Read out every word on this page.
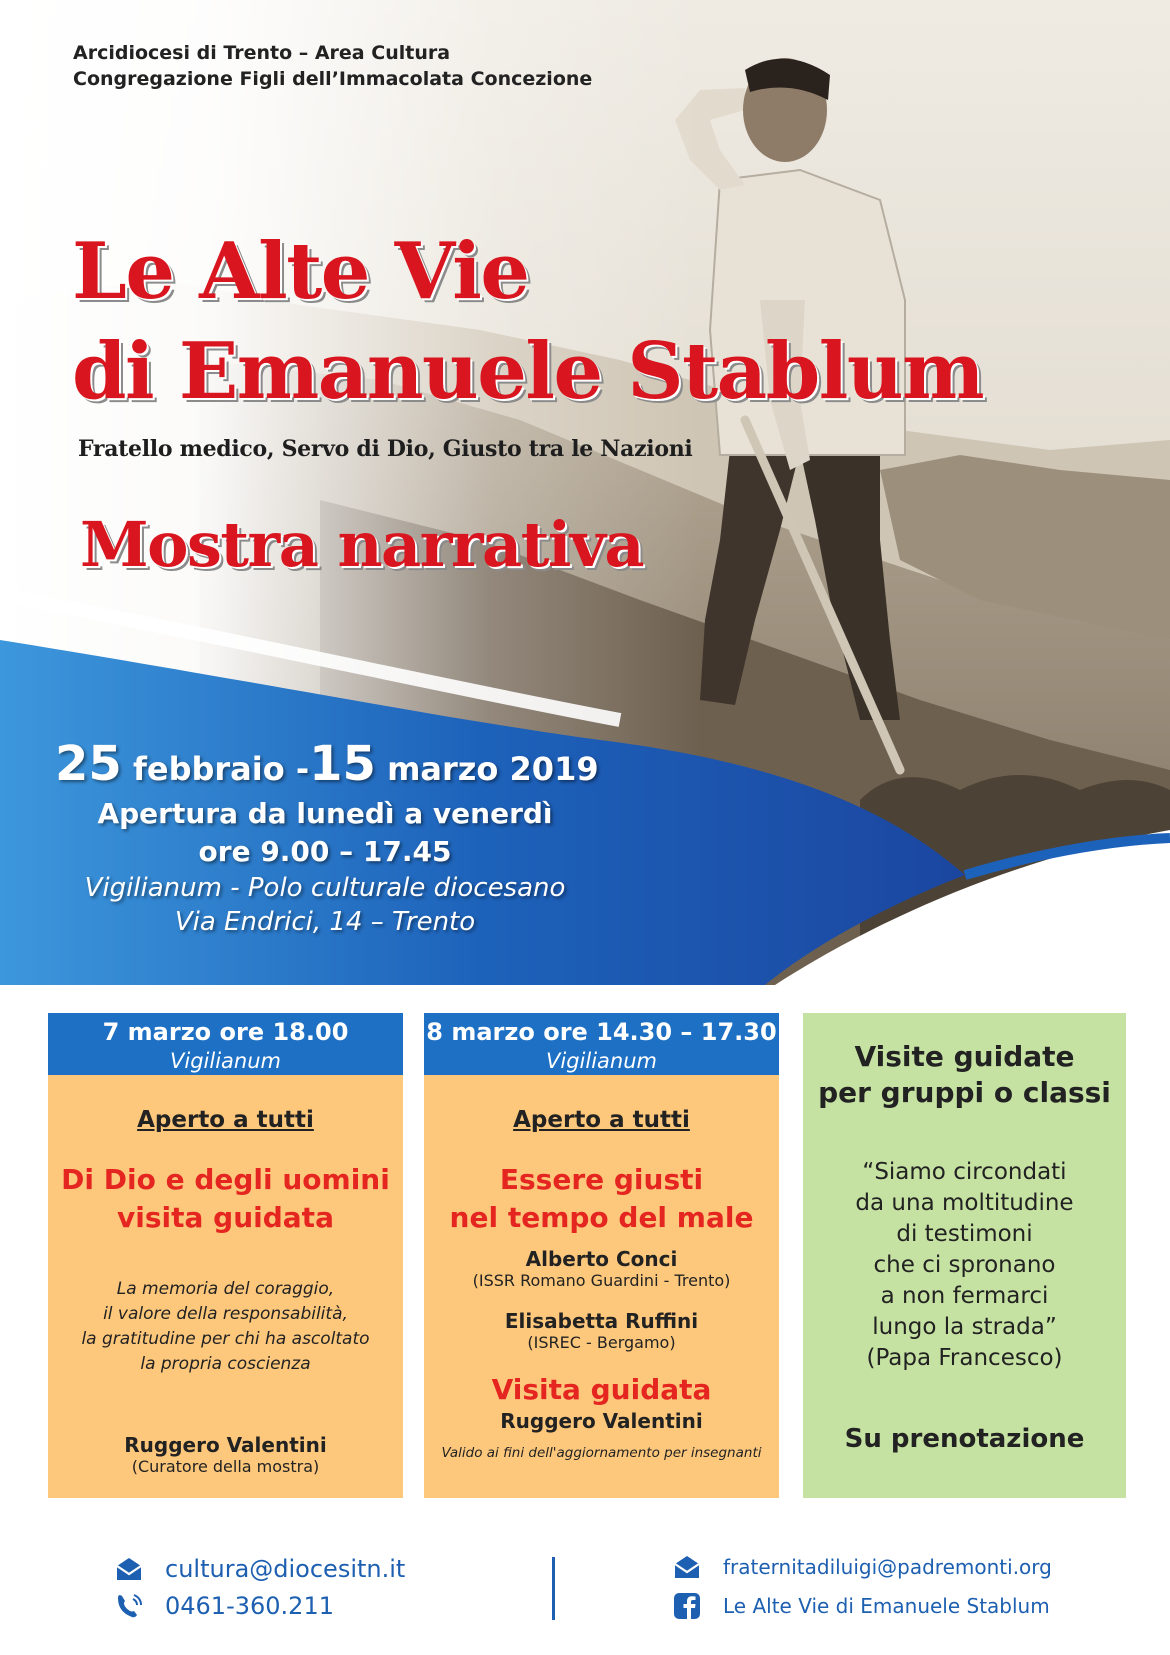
Arcidiocesi di Trento – Area Cultura
Congregazione Figli dell’Immacolata Concezione
Le Alte Vie
di Emanuele Stablum
Fratello medico, Servo di Dio, Giusto tra le Nazioni
Mostra narrativa
25 febbraio -15 marzo 2019
Apertura da lunedì a venerdì
ore 9.00 – 17.45
Vigilianum - Polo culturale diocesano
Via Endrici, 14 – Trento
7 marzo ore 18.00
Vigilianum
Aperto a tutti
Di Dio e degli uomini
visita guidata
La memoria del coraggio,
il valore della responsabilità,
la gratitudine per chi ha ascoltato
la propria coscienza
Ruggero Valentini
(Curatore della mostra)
8 marzo ore 14.30 – 17.30
Vigilianum
Aperto a tutti
Essere giusti
nel tempo del male
Alberto Conci
(ISSR Romano Guardini - Trento)
Elisabetta Ruffini
(ISREC - Bergamo)
Visita guidata
Ruggero Valentini
Valido ai fini dell'aggiornamento per insegnanti
Visite guidate
per gruppi o classi
“Siamo circondati
da una moltitudine
di testimoni
che ci spronano
a non fermarci
lungo la strada”
(Papa Francesco)
Su prenotazione
cultura@diocesitn.it
0461-360.211
fraternitadiluigi@padremonti.org
Le Alte Vie di Emanuele Stablum
